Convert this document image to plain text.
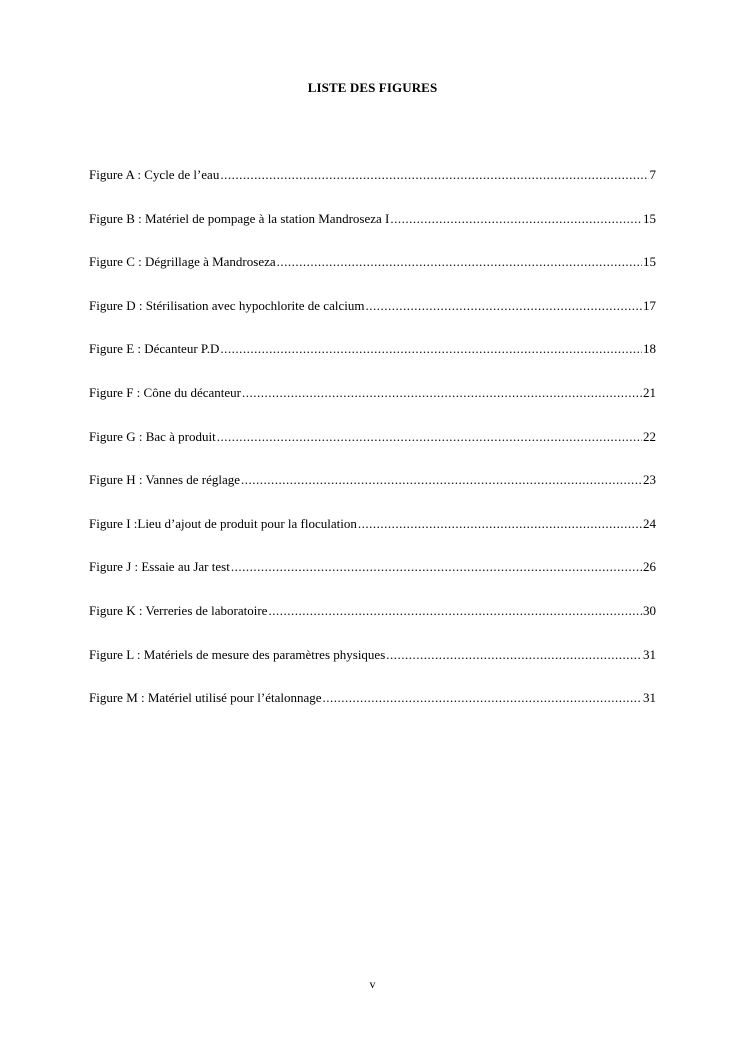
LISTE DES FIGURES
Figure A : Cycle de l’eau .....	7
Figure B : Matériel de pompage à la station Mandroseza I .....	15
Figure C : Dégrillage à Mandroseza .....	15
Figure D : Stérilisation avec hypochlorite de calcium .....	17
Figure E : Décanteur P.D .....	18
Figure F : Cône du décanteur .....	21
Figure G : Bac à produit .....	22
Figure H : Vannes de réglage .....	23
Figure I :Lieu d’ajout de produit pour la floculation .....	24
Figure J : Essaie au Jar test .....	26
Figure K : Verreries de laboratoire .....	30
Figure L : Matériels de mesure des paramètres physiques .....	31
Figure M : Matériel utilisé pour l’étalonnage .....	31
v
